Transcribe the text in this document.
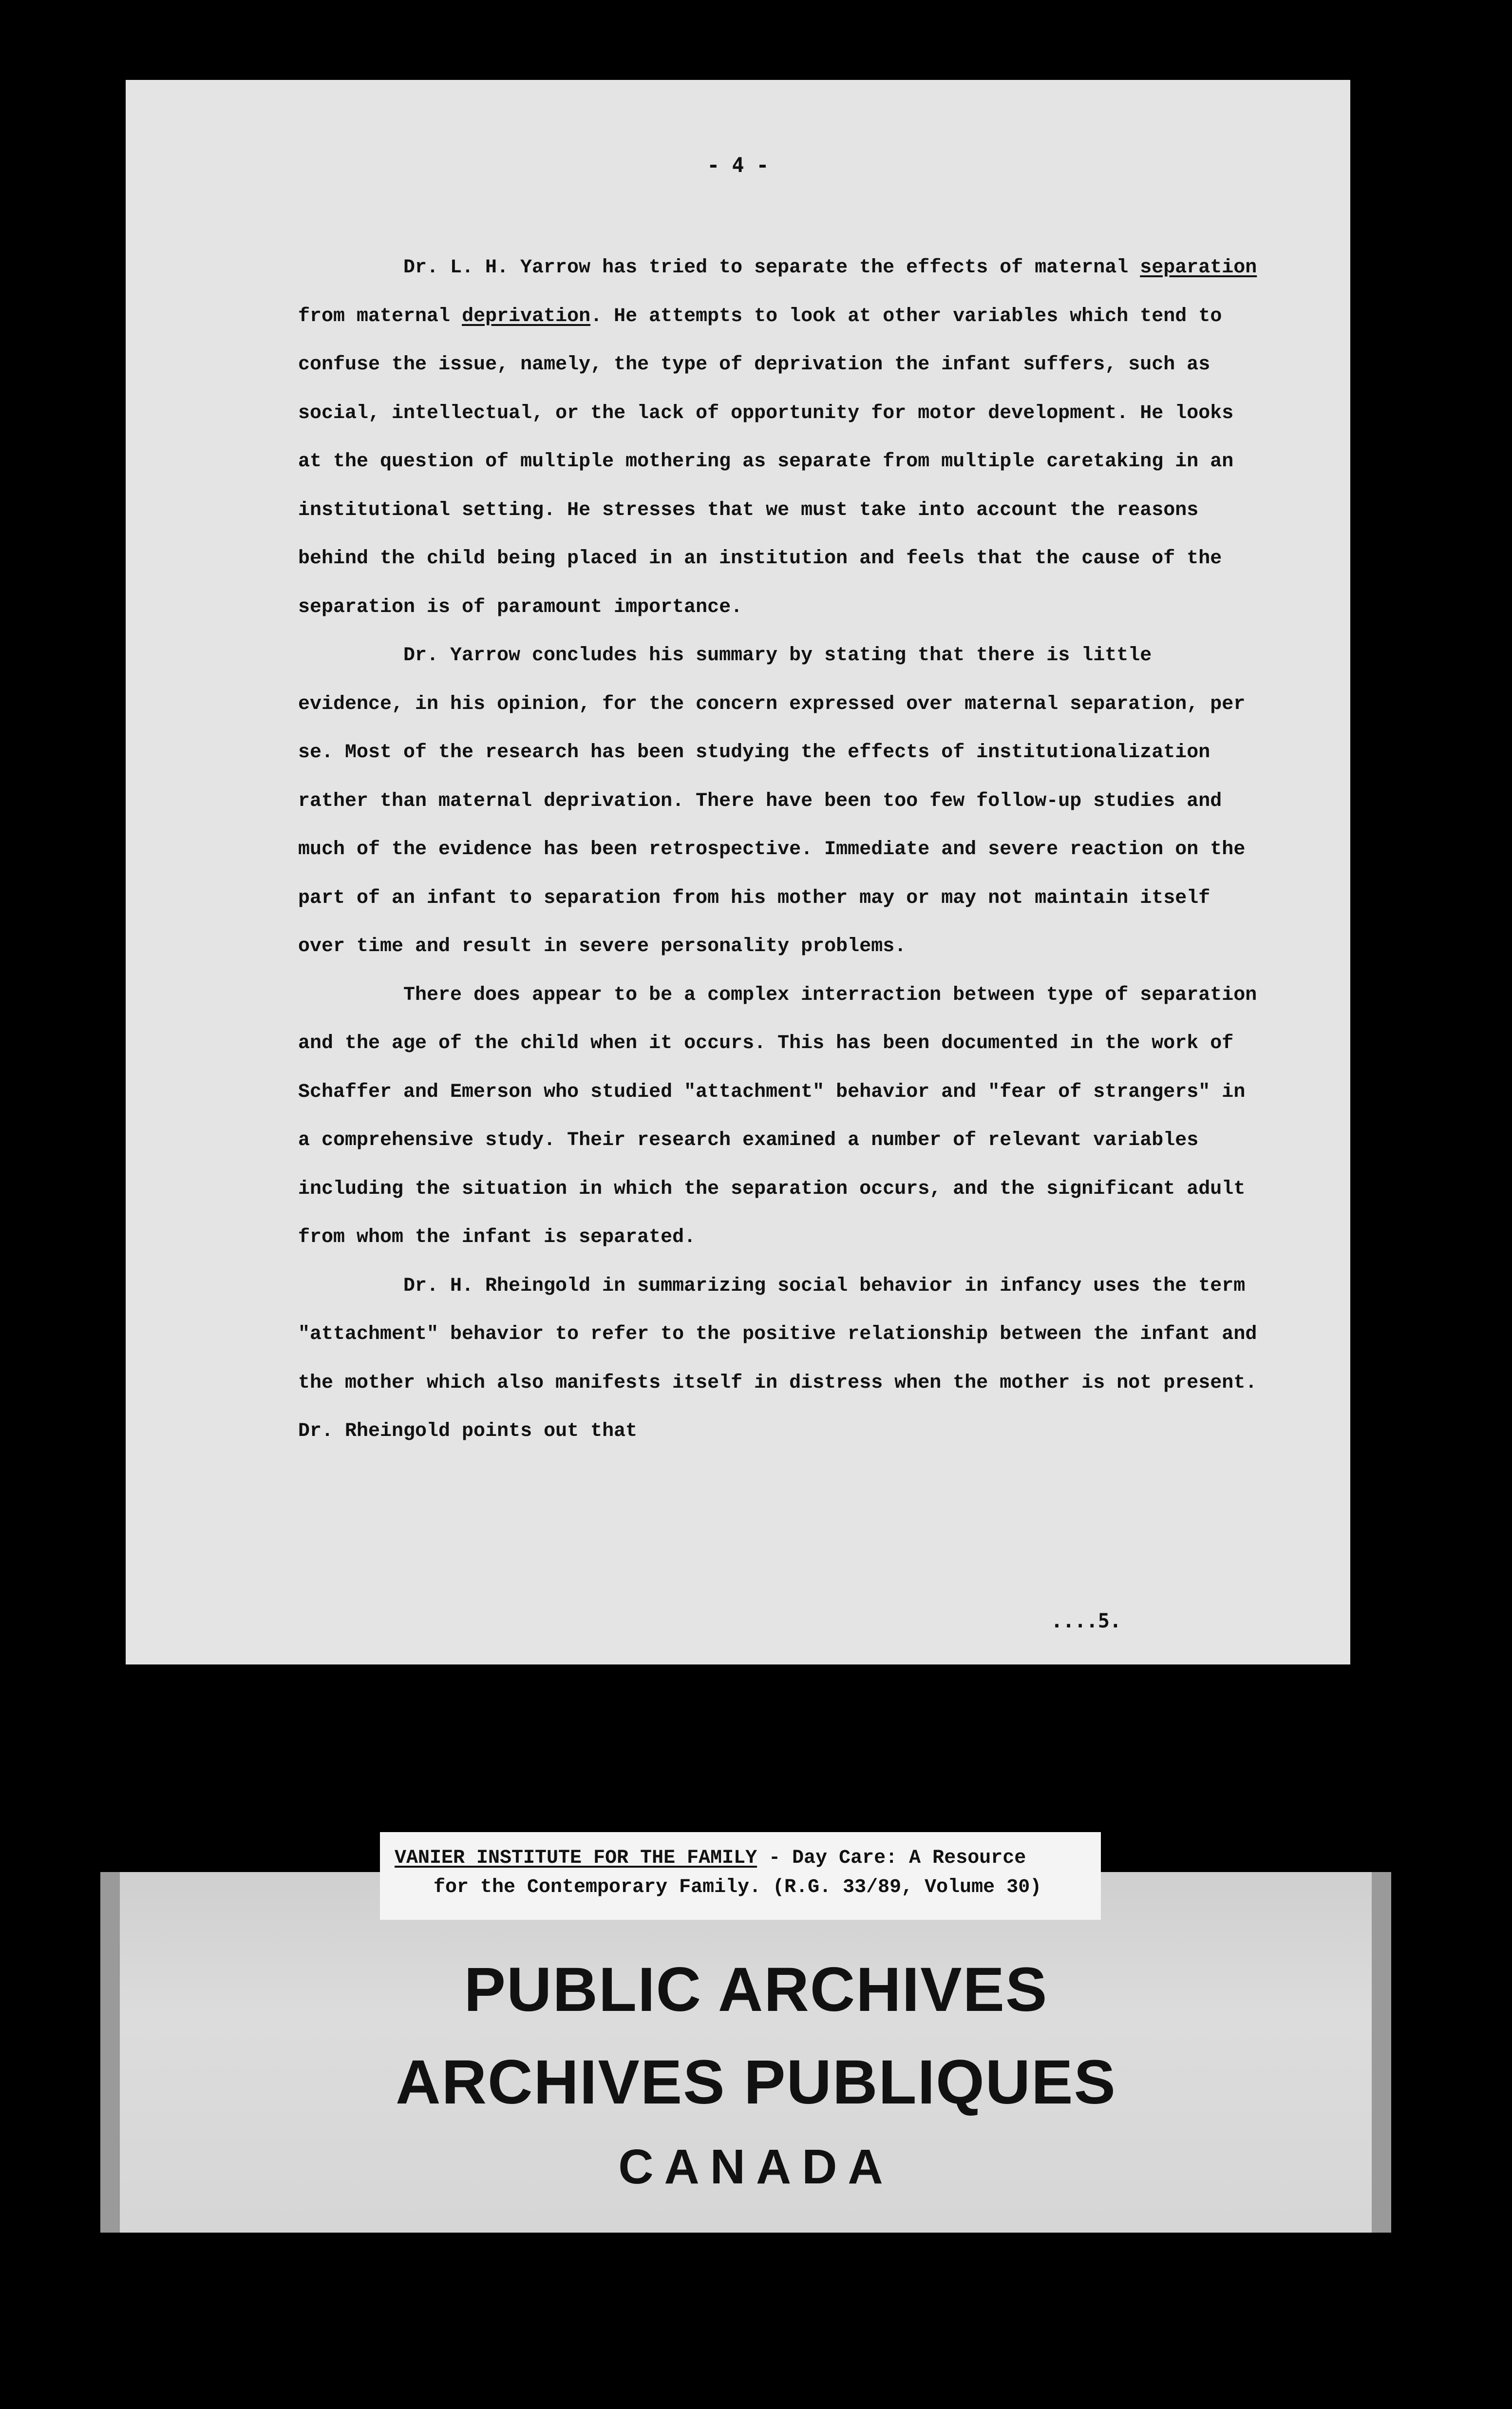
- 4 -

Dr. L. H. Yarrow has tried to separate the effects of maternal separation from maternal deprivation. He attempts to look at other variables which tend to confuse the issue, namely, the type of deprivation the infant suffers, such as social, intellectual, or the lack of opportunity for motor development. He looks at the question of multiple mothering as separate from multiple caretaking in an institutional setting. He stresses that we must take into account the reasons behind the child being placed in an institution and feels that the cause of the separation is of paramount importance.

Dr. Yarrow concludes his summary by stating that there is little evidence, in his opinion, for the concern expressed over maternal separation, per se. Most of the research has been studying the effects of institutionalization rather than maternal deprivation. There have been too few follow-up studies and much of the evidence has been retrospective. Immediate and severe reaction on the part of an infant to separation from his mother may or may not maintain itself over time and result in severe personality problems.

There does appear to be a complex interraction between type of separation and the age of the child when it occurs. This has been documented in the work of Schaffer and Emerson who studied "attachment" behavior and "fear of strangers" in a comprehensive study. Their research examined a number of relevant variables including the situation in which the separation occurs, and the significant adult from whom the infant is separated.

Dr. H. Rheingold in summarizing social behavior in infancy uses the term "attachment" behavior to refer to the positive relationship between the infant and the mother which also manifests itself in distress when the mother is not present. Dr. Rheingold points out that

....5.
VANIER INSTITUTE FOR THE FAMILY - Day Care: A Resource
for the Contemporary Family. (R.G. 33/89, Volume 30)
PUBLIC ARCHIVES
ARCHIVES PUBLIQUES
CANADA
